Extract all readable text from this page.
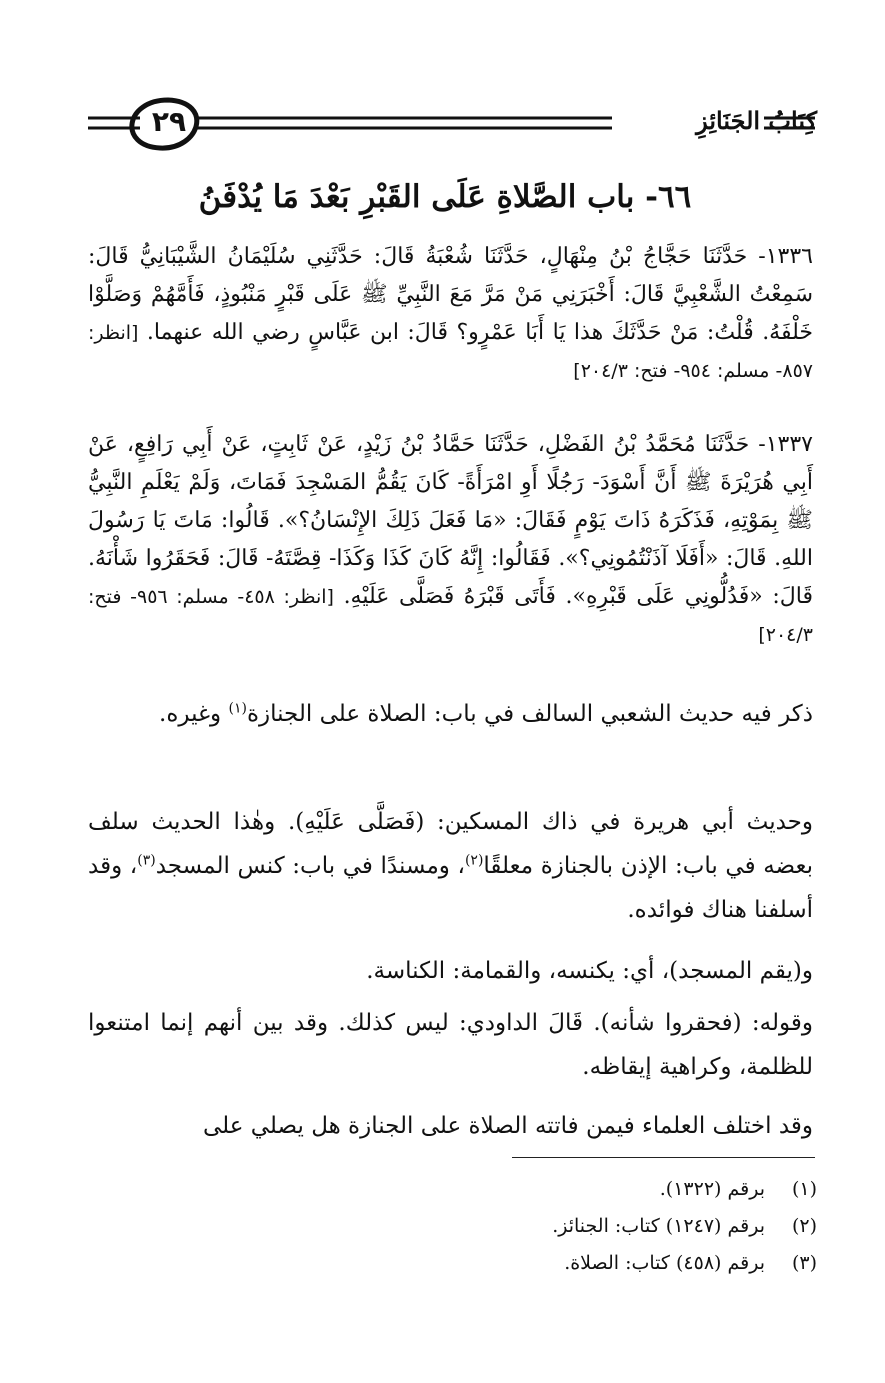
٢٩	كِتَابُ الجَنَائِزِ
٦٦- باب الصَّلاةِ عَلَى القَبْرِ بَعْدَ مَا يُدْفَنُ

١٣٣٦- حَدَّثَنَا حَجَّاجُ بْنُ مِنْهَالٍ، حَدَّثَنَا شُعْبَةُ قَالَ: حَدَّثَنِي سُلَيْمَانُ الشَّيْبَانِيُّ قَالَ: سَمِعْتُ الشَّعْبِيَّ قَالَ: أَخْبَرَنِي مَنْ مَرَّ مَعَ النَّبِيِّ ﷺ عَلَى قَبْرٍ مَنْبُوذٍ، فَأَمَّهُمْ وَصَلَّوْا خَلْفَهُ. قُلْتُ: مَنْ حَدَّثَكَ هذا يَا أَبَا عَمْرٍو؟ قَالَ: ابن عَبَّاسٍ رضي الله عنهما. [انظر: ٨٥٧- مسلم: ٩٥٤- فتح: ٢٠٤/٣]

١٣٣٧- حَدَّثَنَا مُحَمَّدُ بْنُ الفَضْلِ، حَدَّثَنَا حَمَّادُ بْنُ زَيْدٍ، عَنْ ثَابِتٍ، عَنْ أَبِي رَافِعٍ، عَنْ أَبِي هُرَيْرَةَ ﷺ أَنَّ أَسْوَدَ- رَجُلًا أَوِ امْرَأَةً- كَانَ يَقُمُّ المَسْجِدَ فَمَاتَ، وَلَمْ يَعْلَمِ النَّبِيُّ ﷺ بِمَوْتِهِ، فَذَكَرَهُ ذَاتَ يَوْمٍ فَقَالَ: «مَا فَعَلَ ذَلِكَ الإِنْسَانُ؟». قَالُوا: مَاتَ يَا رَسُولَ اللهِ. قَالَ: «أَفَلَا آذَنْتُمُونِي؟». فَقَالُوا: إِنَّهُ كَانَ كَذَا وَكَذَا- قِصَّتَهُ- قَالَ: فَحَقَرُوا شَأْنَهُ. قَالَ: «فَدُلُّونِي عَلَى قَبْرِهِ». فَأَتَى قَبْرَهُ فَصَلَّى عَلَيْهِ. [انظر: ٤٥٨- مسلم: ٩٥٦- فتح: ٢٠٤/٣]

ذكر فيه حديث الشعبي السالف في باب: الصلاة على الجنازة$^{(١)}$ وغيره.

وحديث أبي هريرة في ذاك المسكين: (فَصَلَّى عَلَيْهِ). وهٰذا الحديث سلف بعضه في باب: الإذن بالجنازة معلقًا$^{(٢)}$، ومسندًا في باب: كنس المسجد$^{(٣)}$، وقد أسلفنا هناك فوائده.

و(يقم المسجد)، أي: يكنسه، والقمامة: الكناسة.

وقوله: (فحقروا شأنه). قَالَ الداودي: ليس كذلك. وقد بين أنهم إنما امتنعوا للظلمة، وكراهية إيقاظه.

وقد اختلف العلماء فيمن فاتته الصلاة على الجنازة هل يصلي على

(١)
برقم (١٣٢٢).
(٢)
برقم (١٢٤٧) كتاب: الجنائز.
(٣)
برقم (٤٥٨) كتاب: الصلاة.
